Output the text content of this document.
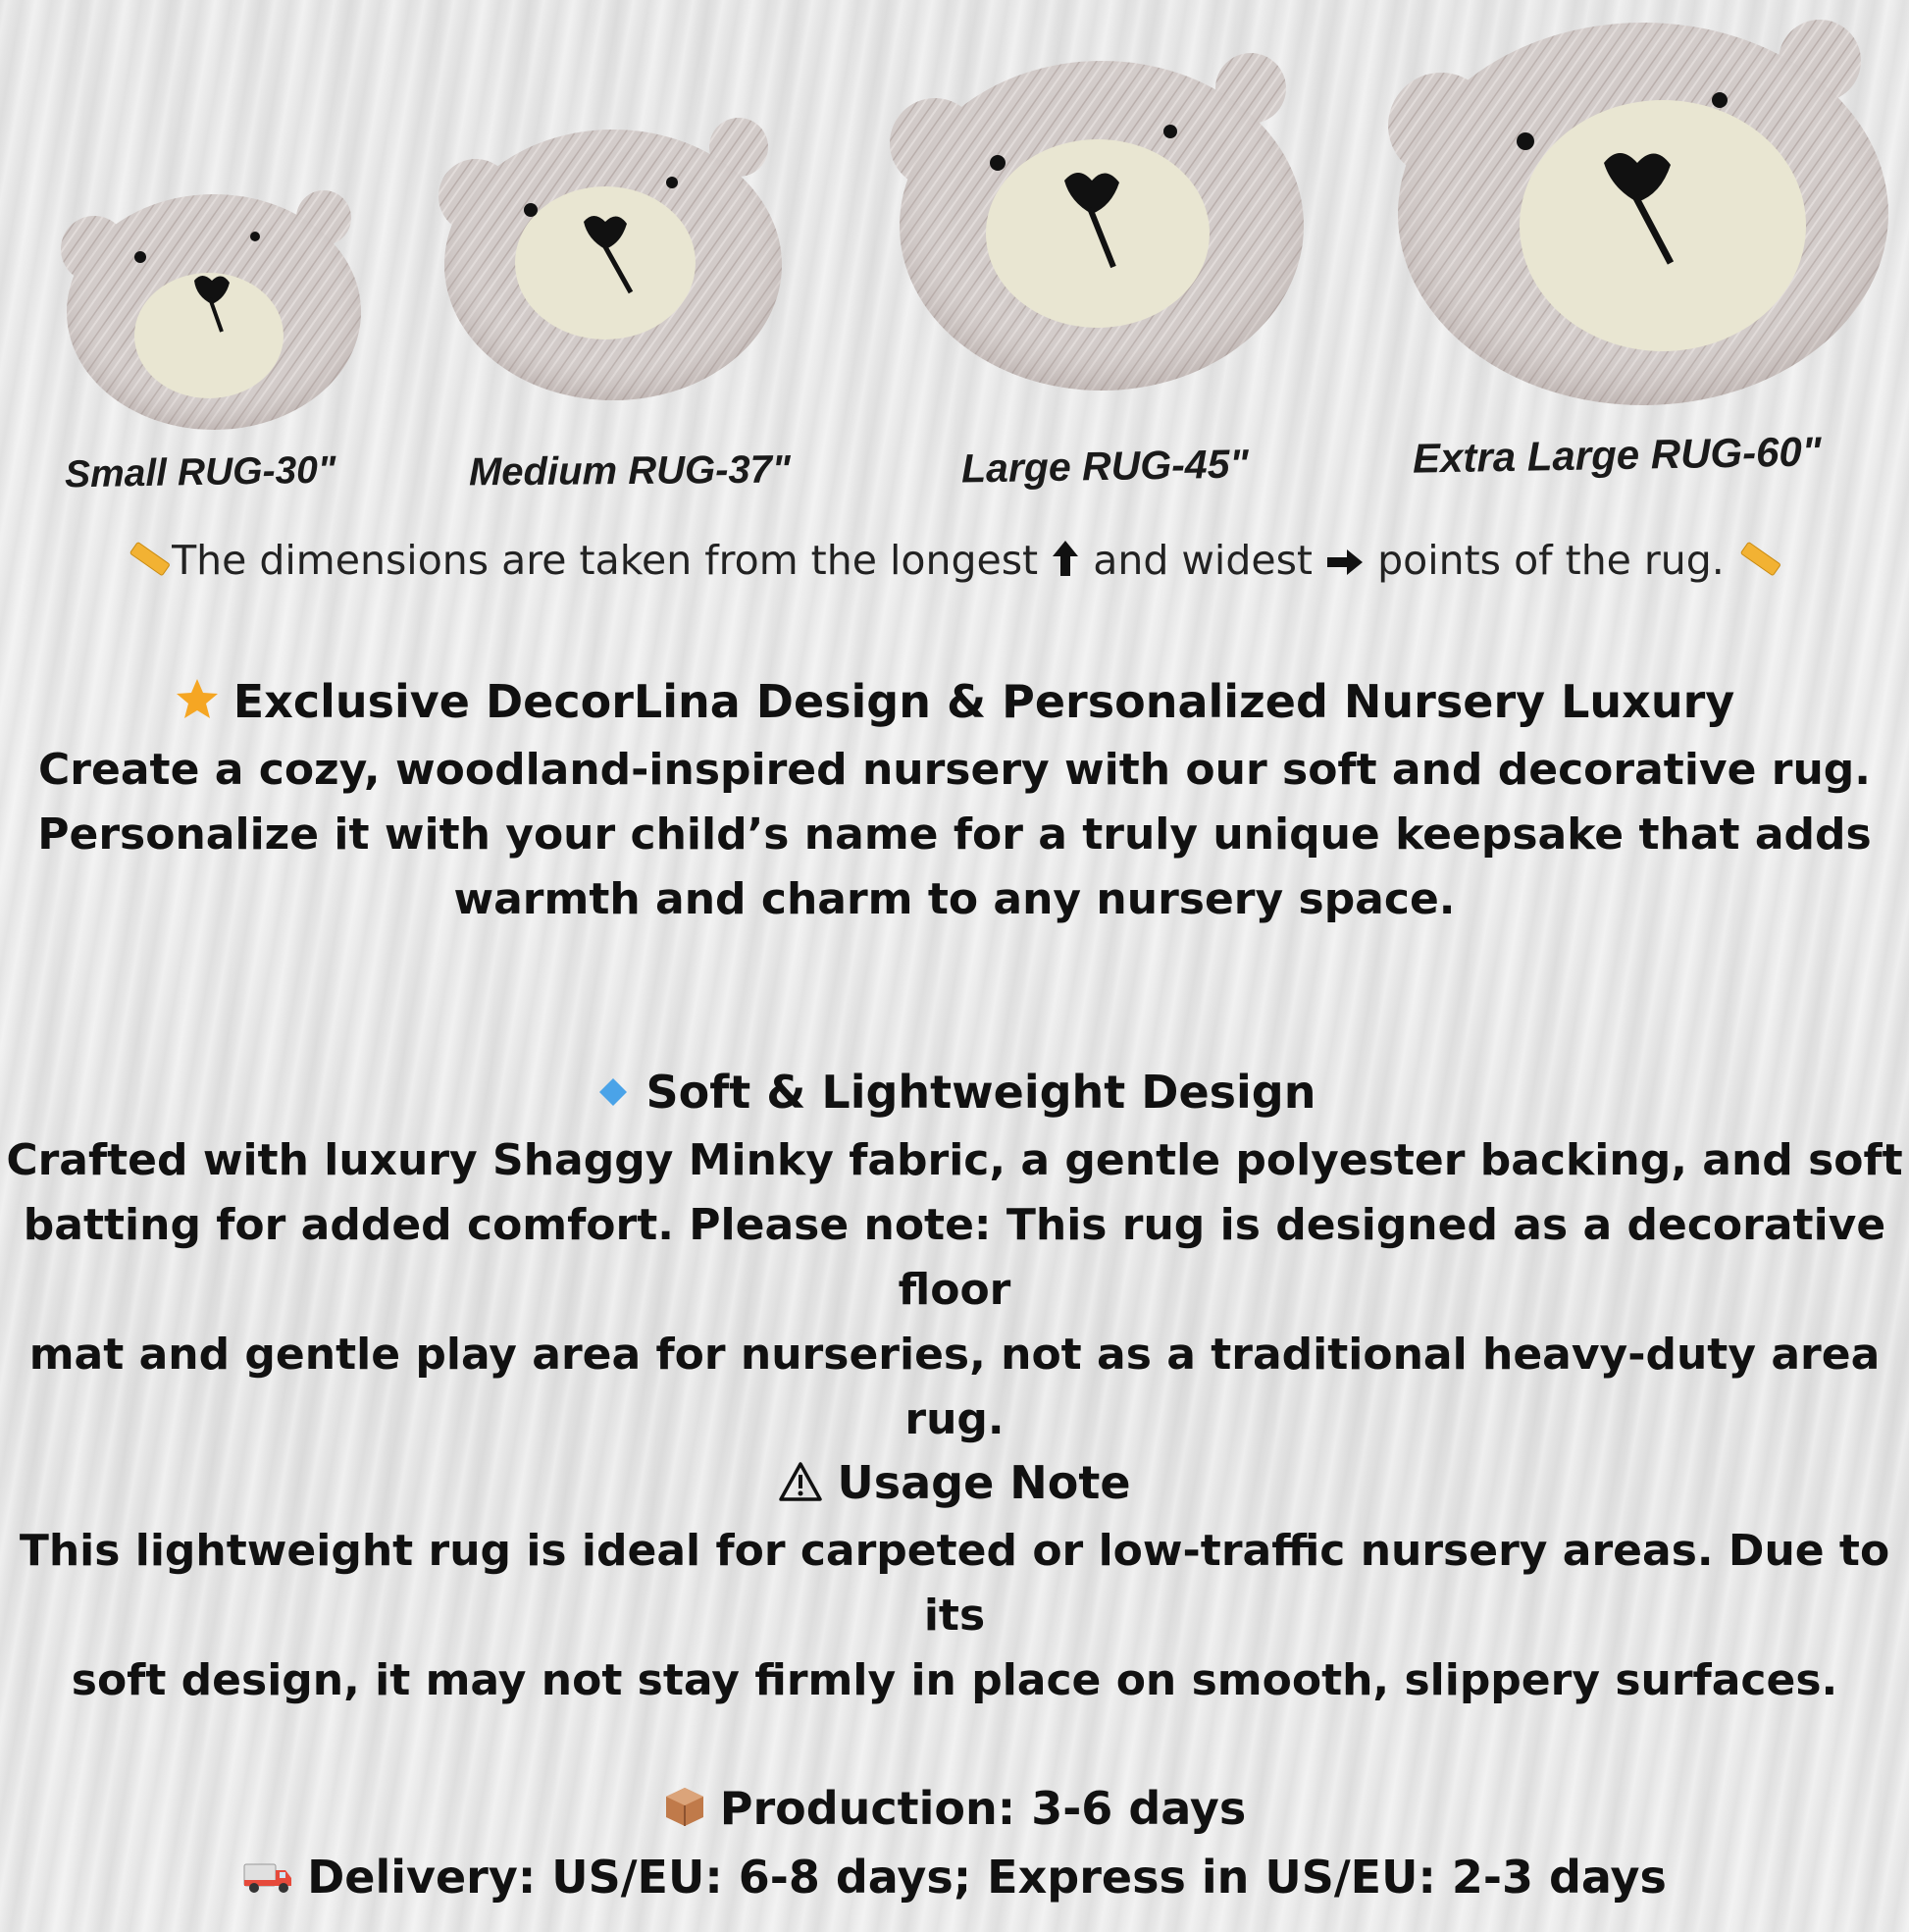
Small RUG-30"	Medium RUG-37"	Large RUG-45"	Extra Large RUG-60"
The dimensions are taken from the longest and widest points of the rug.
Exclusive DecorLina Design & Personalized Nursery Luxury
Create a cozy, woodland-inspired nursery with our soft and decorative rug.
Personalize it with your child’s name for a truly unique keepsake that adds
warmth and charm to any nursery space.
Soft & Lightweight Design
Crafted with luxury Shaggy Minky fabric, a gentle polyester backing, and soft
batting for added comfort. Please note: This rug is designed as a decorative floor
mat and gentle play area for nurseries, not as a traditional heavy-duty area rug.
Usage Note
This lightweight rug is ideal for carpeted or low-traffic nursery areas. Due to its
soft design, it may not stay firmly in place on smooth, slippery surfaces.
Production: 3-6 days
Delivery: US/EU: 6-8 days; Express in US/EU: 2-3 days
